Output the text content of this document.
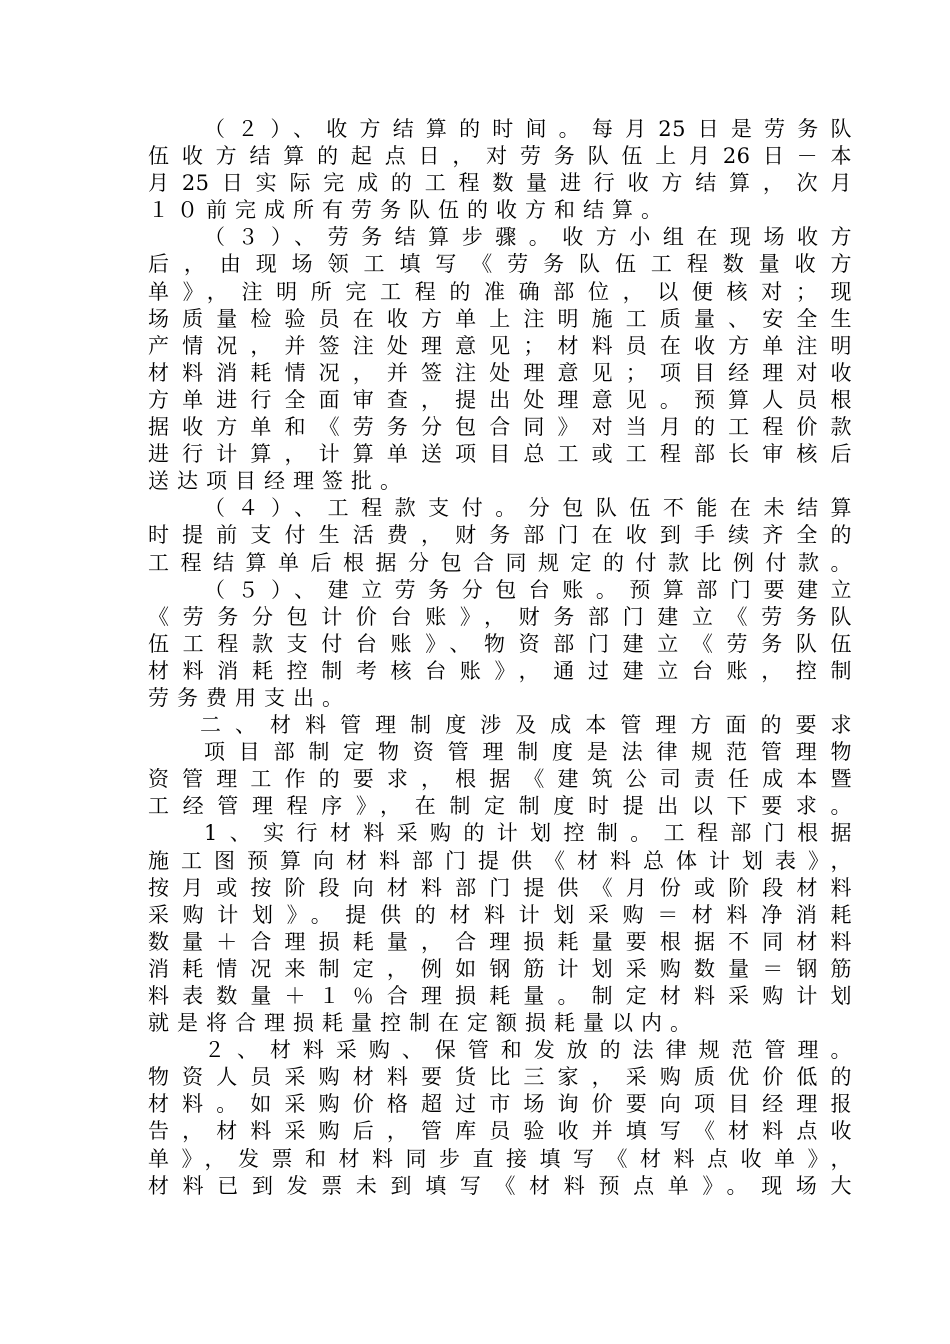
（２）、收方结算的时间。每月25日是劳务队
伍收方结算的起点日，对劳务队伍上月26日－本
月25日实际完成的工程数量进行收方结算，次月
１０前完成所有劳务队伍的收方和结算。
（３）、劳务结算步骤。收方小组在现场收方
后，由现场领工填写《劳务队伍工程数量收方
单》，注明所完工程的准确部位，以便核对；现
场质量检验员在收方单上注明施工质量、安全生
产情况，并签注处理意见；材料员在收方单注明
材料消耗情况，并签注处理意见；项目经理对收
方单进行全面审查，提出处理意见。预算人员根
据收方单和《劳务分包合同》对当月的工程价款
进行计算，计算单送项目总工或工程部长审核后
送达项目经理签批。
（４）、工程款支付。分包队伍不能在未结算
时提前支付生活费，财务部门在收到手续齐全的
工程结算单后根据分包合同规定的付款比例付款。
（５）、建立劳务分包台账。预算部门要建立
《劳务分包计价台账》，财务部门建立《劳务队
伍工程款支付台账》、物资部门建立《劳务队伍
材料消耗控制考核台账》，通过建立台账，控制
劳务费用支出。
二、材料管理制度涉及成本管理方面的要求
项目部制定物资管理制度是法律规范管理物
资管理工作的要求，根据《建筑公司责任成本暨
工经管理程序》，在制定制度时提出以下要求。
1、实行材料采购的计划控制。工程部门根据
施工图预算向材料部门提供《材料总体计划表》，
按月或按阶段向材料部门提供《月份或阶段材料
采购计划》。提供的材料计划采购＝材料净消耗
数量＋合理损耗量，合理损耗量要根据不同材料
消耗情况来制定，例如钢筋计划采购数量＝钢筋
料表数量＋１％合理损耗量。制定材料采购计划
就是将合理损耗量控制在定额损耗量以内。
２、材料采购、保管和发放的法律规范管理。
物资人员采购材料要货比三家，采购质优价低的
材料。如采购价格超过市场询价要向项目经理报
告，材料采购后，管库员验收并填写《材料点收
单》，发票和材料同步直接填写《材料点收单》，
材料已到发票未到填写《材料预点单》。现场大
